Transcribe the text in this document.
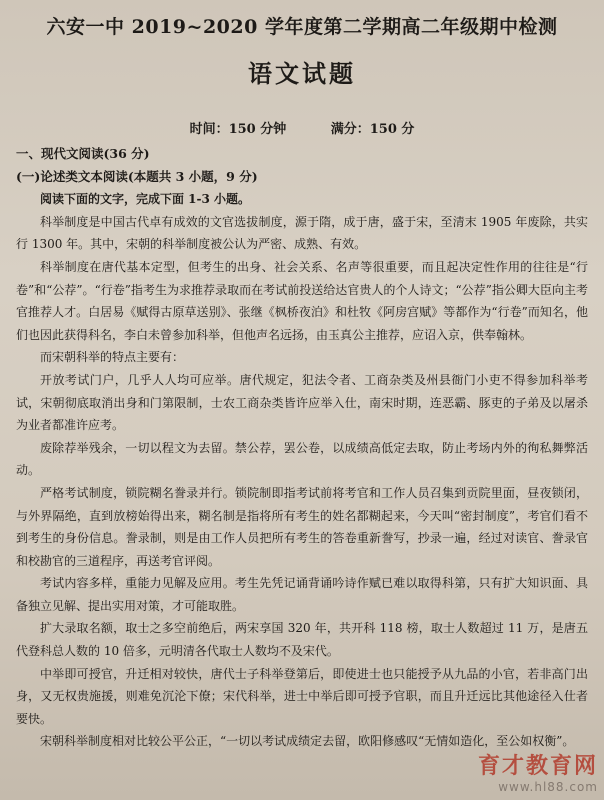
六安一中 2019~2020 学年度第二学期高二年级期中检测
语文试题
时间：150 分钟	满分：150 分

一、现代文阅读(36 分)

(一)论述类文本阅读(本题共 3 小题，9 分)

阅读下面的文字，完成下面 1-3 小题。

科举制度是中国古代卓有成效的文官选拔制度，源于隋，成于唐，盛于宋，至清末 1905 年废除，共实行 1300 年。其中，宋朝的科举制度被公认为严密、成熟、有效。

科举制度在唐代基本定型，但考生的出身、社会关系、名声等很重要，而且起决定性作用的往往是“行卷”和“公荐”。“行卷”指考生为求推荐录取而在考试前投送给达官贵人的个人诗文；“公荐”指公卿大臣向主考官推荐人才。白居易《赋得古原草送别》、张继《枫桥夜泊》和杜牧《阿房宫赋》等都作为“行卷”而知名，他们也因此获得科名，李白未曾参加科举，但他声名远扬，由玉真公主推荐，应诏入京，供奉翰林。

而宋朝科举的特点主要有：

开放考试门户，几乎人人均可应举。唐代规定，犯法令者、工商杂类及州县衙门小吏不得参加科举考试，宋朝彻底取消出身和门第限制，士农工商杂类皆许应举入仕，南宋时期，连恶霸、豚吏的子弟及以屠杀为业者都准许应考。

废除荐举残余，一切以程文为去留。禁公荐，罢公卷，以成绩高低定去取，防止考场内外的徇私舞弊活动。

严格考试制度，锁院糊名誊录并行。锁院制即指考试前将考官和工作人员召集到贡院里面，昼夜锁闭，与外界隔绝，直到放榜始得出来，糊名制是指将所有考生的姓名都糊起来，今天叫“密封制度”，考官们看不到考生的身份信息。誊录制，则是由工作人员把所有考生的答卷重新誊写，抄录一遍，经过对读官、誊录官和校勘官的三道程序，再送考官评阅。

考试内容多样，重能力见解及应用。考生先凭记诵背诵吟诗作赋已难以取得科第，只有扩大知识面、具备独立见解、提出实用对策，才可能取胜。

扩大录取名额，取士之多空前绝后，两宋享国 320 年，共开科 118 榜，取士人数超过 11 万，是唐五代登科总人数的 10 倍多，元明清各代取士人数均不及宋代。

中举即可授官，升迁相对较快，唐代士子科举登第后，即使进士也只能授予从九品的小官，若非高门出身，又无权贵施援，则难免沉沦下僚；宋代科举，进士中举后即可授予官职，而且升迁远比其他途径入仕者要快。

宋朝科举制度相对比较公平公正，“一切以考试成绩定去留，欧阳修感叹“无情如造化，至公如权衡”。

育才教育网
www.hl88.com
